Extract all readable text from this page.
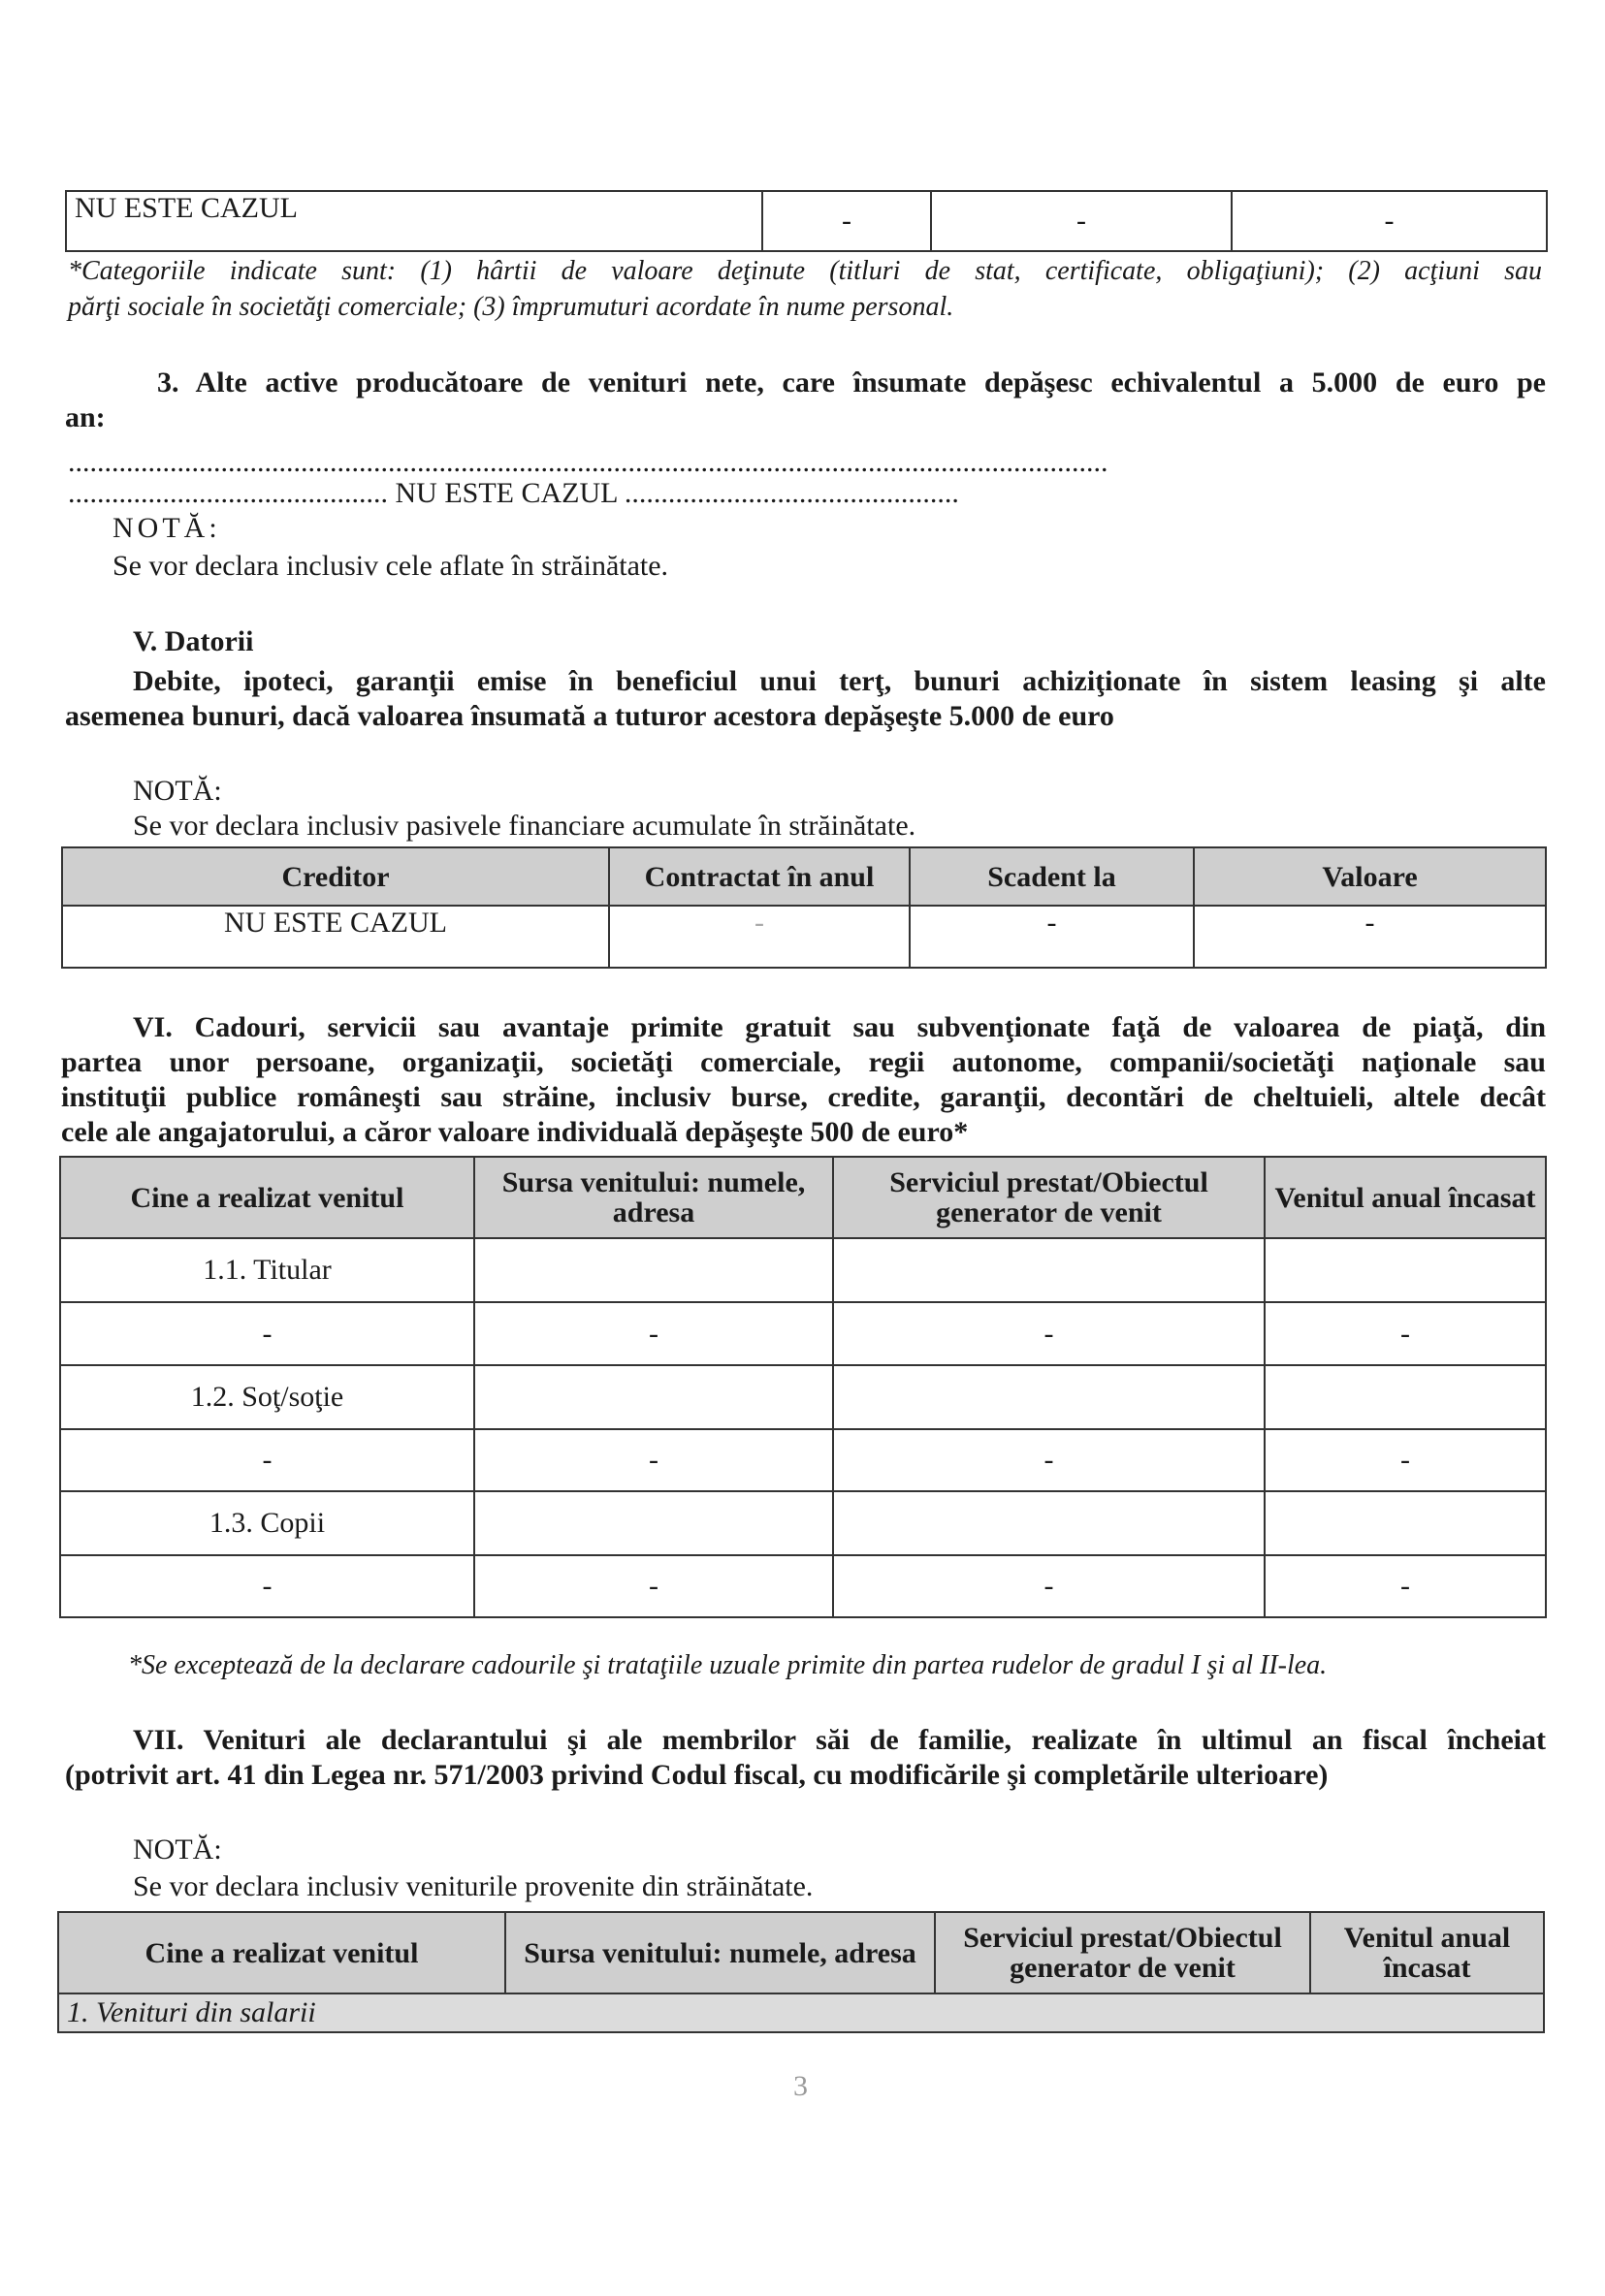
NU ESTE CAZUL	-	-	-
*Categoriile indicate sunt: (1) hârtii de valoare deţinute (titluri de stat, certificate, obligaţiuni); (2) acţiuni sau
părţi sociale în societăţi comerciale; (3) împrumuturi acordate în nume personal.
3. Alte active producătoare de venituri nete, care însumate depăşesc echivalentul a 5.000 de euro pe
an:
...............................................................................................................................................
............................................ NU ESTE CAZUL ..............................................
NOTĂ:
Se vor declara inclusiv cele aflate în străinătate.
V. Datorii
Debite, ipoteci, garanţii emise în beneficiul unui terţ, bunuri achiziţionate în sistem leasing şi alte
asemenea bunuri, dacă valoarea însumată a tuturor acestora depăşeşte 5.000 de euro
NOTĂ:
Se vor declara inclusiv pasivele financiare acumulate în străinătate.
Creditor	Contractat în anul	Scadent la	Valoare
NU ESTE CAZUL	-	-	-
VI. Cadouri, servicii sau avantaje primite gratuit sau subvenţionate faţă de valoarea de piaţă, din
partea unor persoane, organizaţii, societăţi comerciale, regii autonome, companii/societăţi naţionale sau
instituţii publice româneşti sau străine, inclusiv burse, credite, garanţii, decontări de cheltuieli, altele decât
cele ale angajatorului, a căror valoare individuală depăşeşte 500 de euro*
Cine a realizat venitul	Sursa venitului: numele, adresa	Serviciul prestat/Obiectul generator de venit	Venitul anual încasat
1.1. Titular			
-	-	-	-
1.2. Soţ/soţie			
-	-	-	-
1.3. Copii			
-	-	-	-
*Se exceptează de la declarare cadourile şi trataţiile uzuale primite din partea rudelor de gradul I şi al II-lea.
VII. Venituri ale declarantului şi ale membrilor săi de familie, realizate în ultimul an fiscal încheiat
(potrivit art. 41 din Legea nr. 571/2003 privind Codul fiscal, cu modificările şi completările ulterioare)
NOTĂ:
Se vor declara inclusiv veniturile provenite din străinătate.
Cine a realizat venitul	Sursa venitului: numele, adresa	Serviciul prestat/Obiectul generator de venit	Venitul anual încasat
1. Venituri din salarii
3
